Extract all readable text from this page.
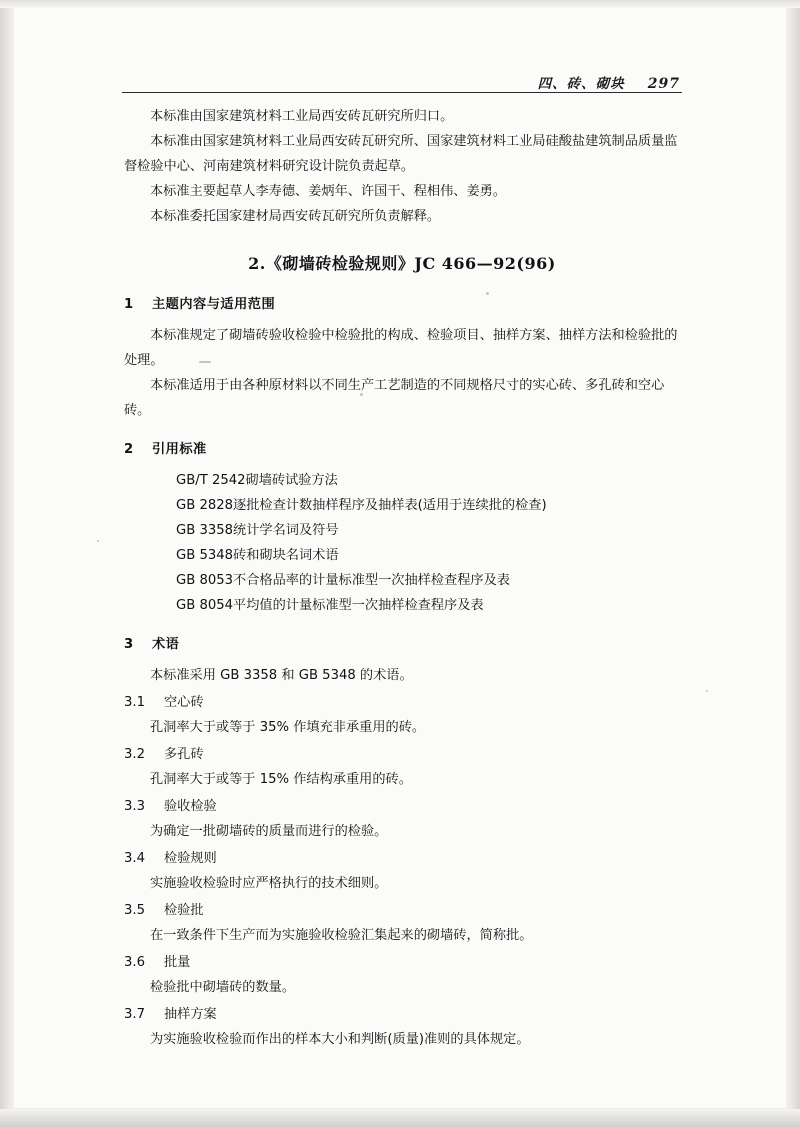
四、砖、砌块 297

本标准由国家建筑材料工业局西安砖瓦研究所归口。

本标准由国家建筑材料工业局西安砖瓦研究所、国家建筑材料工业局硅酸盐建筑制品质量监督检验中心、河南建筑材料研究设计院负责起草。

本标准主要起草人李寿德、姜炳年、许国干、程相伟、姜勇。

本标准委托国家建材局西安砖瓦研究所负责解释。

2.《砌墙砖检验规则》JC 466—92(96)
1 主题内容与适用范围

本标准规定了砌墙砖验收检验中检验批的构成、检验项目、抽样方案、抽样方法和检验批的处理。

本标准适用于由各种原材料以不同生产工艺制造的不同规格尺寸的实心砖、多孔砖和空心砖。

2 引用标准

GB/T 2542砌墙砖试验方法

GB 2828逐批检查计数抽样程序及抽样表(适用于连续批的检查)

GB 3358统计学名词及符号

GB 5348砖和砌块名词术语

GB 8053不合格品率的计量标准型一次抽样检查程序及表

GB 8054平均值的计量标准型一次抽样检查程序及表

3 术语

本标准采用 GB 3358 和 GB 5348 的术语。

3.1 空心砖

孔洞率大于或等于 35% 作填充非承重用的砖。

3.2 多孔砖

孔洞率大于或等于 15% 作结构承重用的砖。

3.3 验收检验

为确定一批砌墙砖的质量而进行的检验。

3.4 检验规则

实施验收检验时应严格执行的技术细则。

3.5 检验批

在一致条件下生产而为实施验收检验汇集起来的砌墙砖，简称批。

3.6 批量

检验批中砌墙砖的数量。

3.7 抽样方案

为实施验收检验而作出的样本大小和判断(质量)准则的具体规定。
